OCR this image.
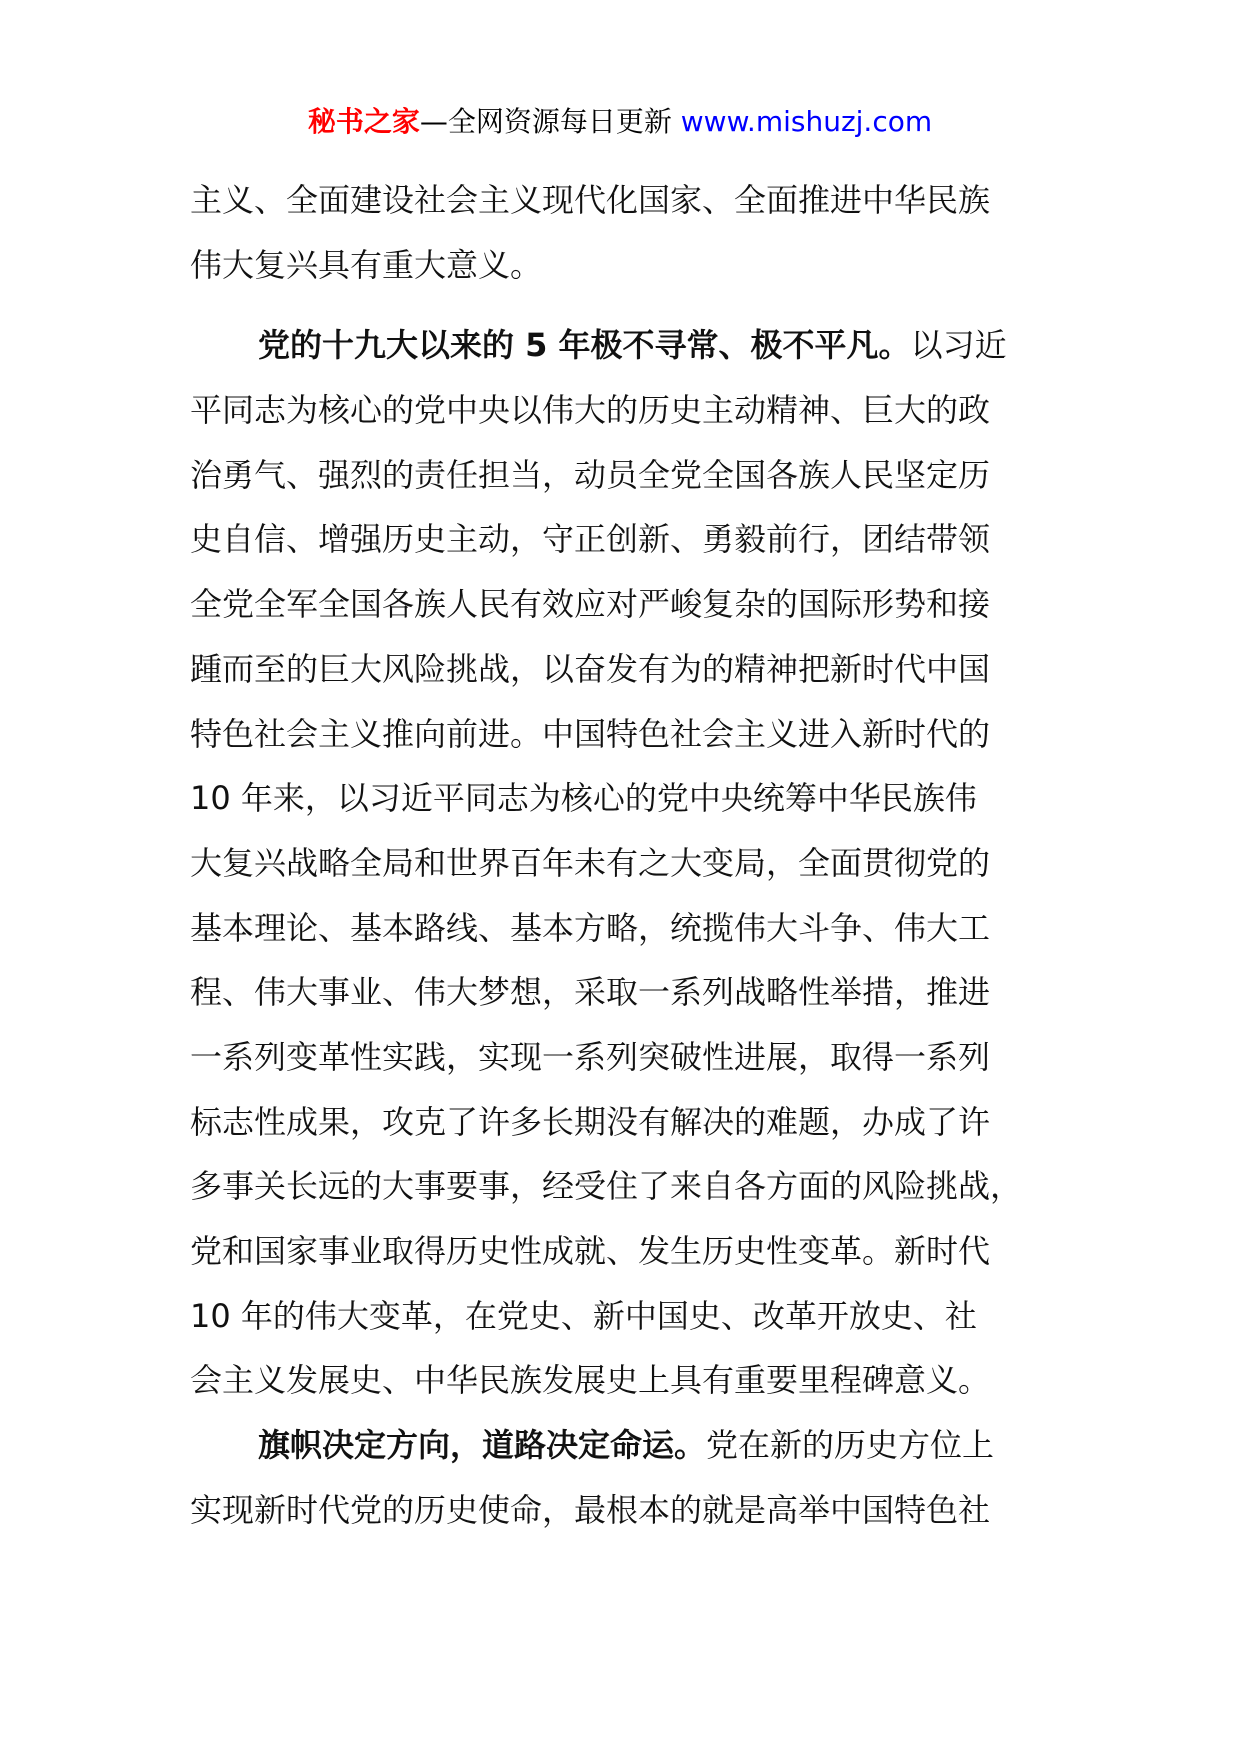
秘书之家—全网资源每日更新 www.mishuzj.com
主义、全面建设社会主义现代化国家、全面推进中华民族
伟大复兴具有重大意义。
党的十九大以来的 5 年极不寻常、极不平凡。以习近
平同志为核心的党中央以伟大的历史主动精神、巨大的政
治勇气、强烈的责任担当，动员全党全国各族人民坚定历
史自信、增强历史主动，守正创新、勇毅前行，团结带领
全党全军全国各族人民有效应对严峻复杂的国际形势和接
踵而至的巨大风险挑战，以奋发有为的精神把新时代中国
特色社会主义推向前进。中国特色社会主义进入新时代的
10 年来，以习近平同志为核心的党中央统筹中华民族伟
大复兴战略全局和世界百年未有之大变局，全面贯彻党的
基本理论、基本路线、基本方略，统揽伟大斗争、伟大工
程、伟大事业、伟大梦想，采取一系列战略性举措，推进
一系列变革性实践，实现一系列突破性进展，取得一系列
标志性成果，攻克了许多长期没有解决的难题，办成了许
多事关长远的大事要事，经受住了来自各方面的风险挑战，
党和国家事业取得历史性成就、发生历史性变革。新时代
10 年的伟大变革，在党史、新中国史、改革开放史、社
会主义发展史、中华民族发展史上具有重要里程碑意义。
旗帜决定方向，道路决定命运。党在新的历史方位上
实现新时代党的历史使命，最根本的就是高举中国特色社
